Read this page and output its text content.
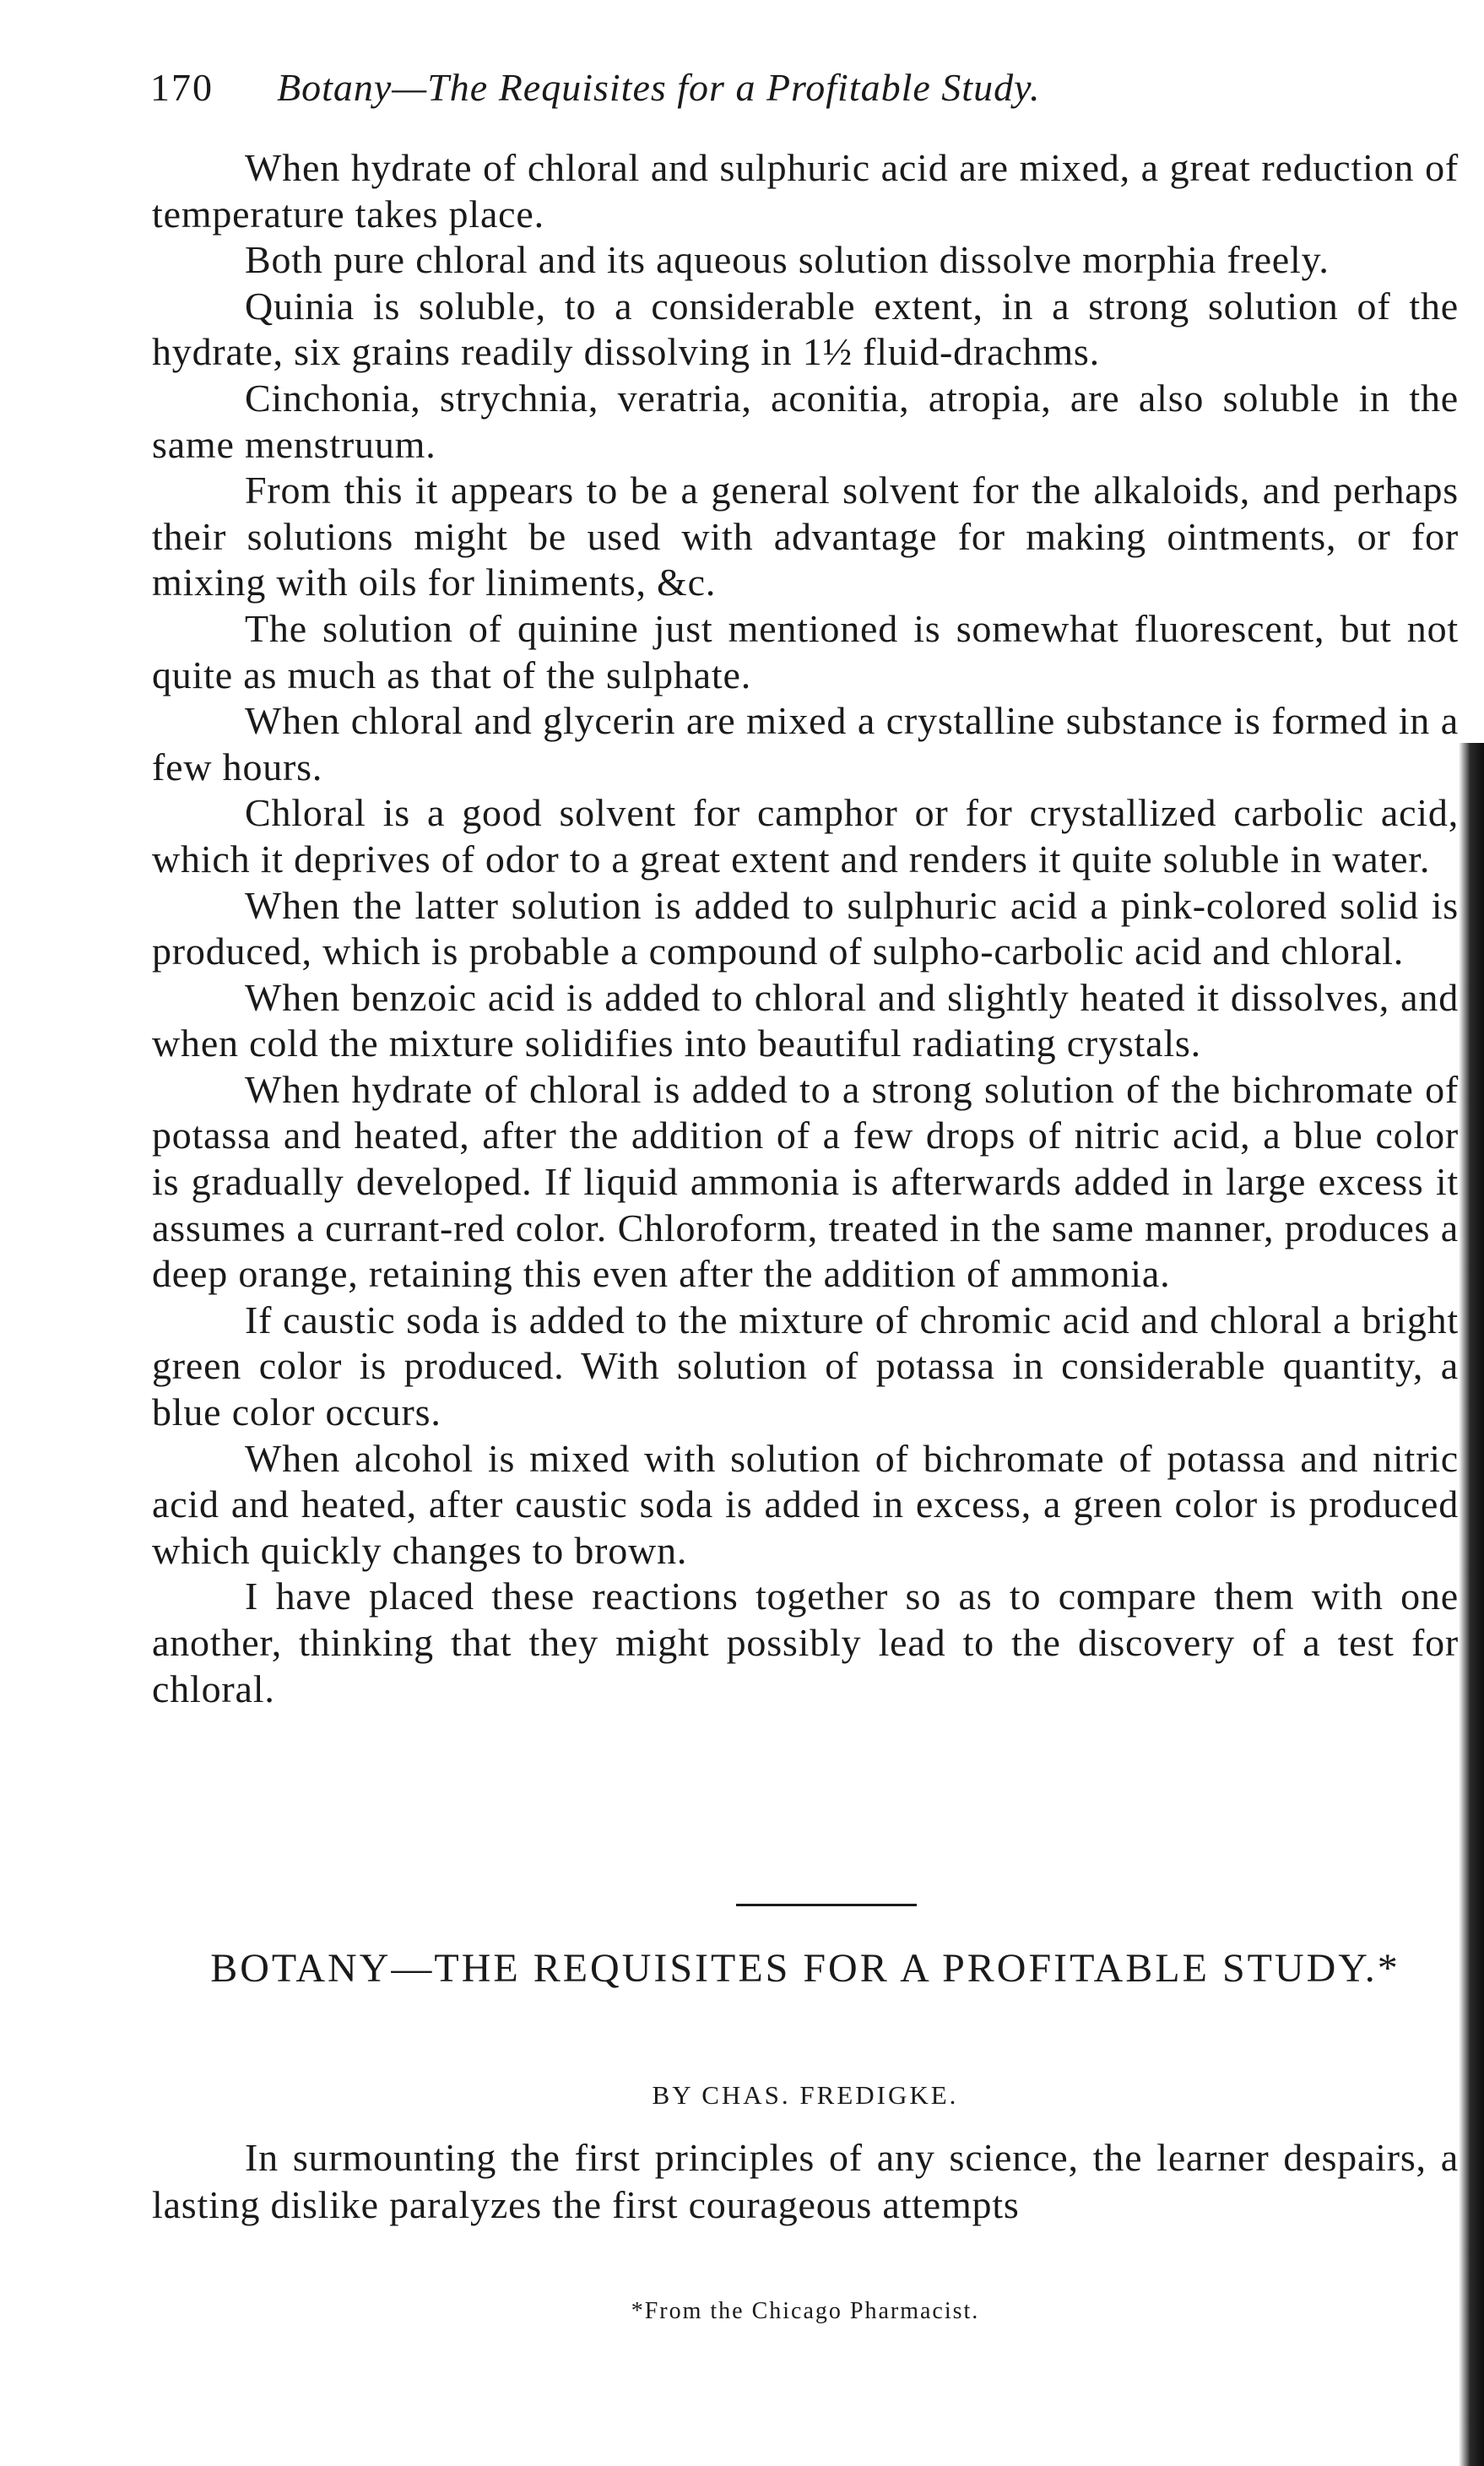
170 Botany—The Requisites for a Profitable Study.

When hydrate of chloral and sulphuric acid are mixed, a great reduction of temperature takes place.

Both pure chloral and its aqueous solution dissolve morphia freely.

Quinia is soluble, to a considerable extent, in a strong solution of the hydrate, six grains readily dissolving in 1½ fluid-drachms.

Cinchonia, strychnia, veratria, aconitia, atropia, are also soluble in the same menstruum.

From this it appears to be a general solvent for the alkaloids, and perhaps their solutions might be used with advantage for making ointments, or for mixing with oils for liniments, &c.

The solution of quinine just mentioned is somewhat fluorescent, but not quite as much as that of the sulphate.

When chloral and glycerin are mixed a crystalline substance is formed in a few hours.

Chloral is a good solvent for camphor or for crystallized carbolic acid, which it deprives of odor to a great extent and renders it quite soluble in water.

When the latter solution is added to sulphuric acid a pink-colored solid is produced, which is probable a compound of sulpho-carbolic acid and chloral.

When benzoic acid is added to chloral and slightly heated it dissolves, and when cold the mixture solidifies into beautiful radiating crystals.

When hydrate of chloral is added to a strong solution of the bichromate of potassa and heated, after the addition of a few drops of nitric acid, a blue color is gradually developed. If liquid ammonia is afterwards added in large excess it assumes a currant-red color. Chloroform, treated in the same manner, produces a deep orange, retaining this even after the addition of ammonia.

If caustic soda is added to the mixture of chromic acid and chloral a bright green color is produced. With solution of potassa in considerable quantity, a blue color occurs.

When alcohol is mixed with solution of bichromate of potassa and nitric acid and heated, after caustic soda is added in excess, a green color is produced which quickly changes to brown.

I have placed these reactions together so as to compare them with one another, thinking that they might possibly lead to the discovery of a test for chloral.

BOTANY—THE REQUISITES FOR A PROFITABLE STUDY.*
BY CHAS. FREDIGKE.

In surmounting the first principles of any science, the learner despairs, a lasting dislike paralyzes the first courageous attempts

*From the Chicago Pharmacist.
